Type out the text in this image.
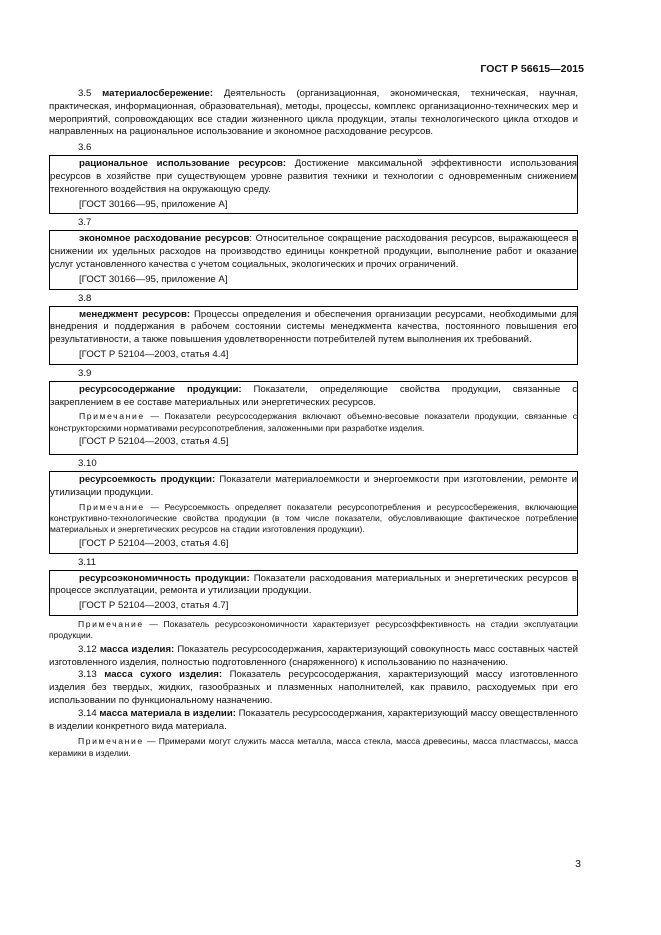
ГОСТ Р 56615—2015

3.5 материалосбережение: Деятельность (организационная, экономическая, техническая, научная, практическая, информационная, образовательная), методы, процессы, комплекс организационно-технических мер и мероприятий, сопровождающих все стадии жизненного цикла продукции, этапы технологического цикла отходов и направленных на рациональное использование и экономное расходование ресурсов.

3.6

рациональное использование ресурсов: Достижение максимальной эффективности использования ресурсов в хозяйстве при существующем уровне развития техники и технологии с одновременным снижением техногенного воздействия на окружающую среду.

[ГОСТ 30166—95, приложение А]

3.7

экономное расходование ресурсов: Относительное сокращение расходования ресурсов, выражающееся в снижении их удельных расходов на производство единицы конкретной продукции, выполнение работ и оказание услуг установленного качества с учетом социальных, экологических и прочих ограничений.

[ГОСТ 30166—95, приложение А]

3.8

менеджмент ресурсов: Процессы определения и обеспечения организации ресурсами, необходимыми для внедрения и поддержания в рабочем состоянии системы менеджмента качества, постоянного повышения его результативности, а также повышения удовлетворенности потребителей путем выполнения их требований.

[ГОСТ Р 52104—2003, статья 4.4]

3.9

ресурсосодержание продукции: Показатели, определяющие свойства продукции, связанные с закреплением в ее составе материальных или энергетических ресурсов.

Примечание — Показатели ресурсосодержания включают объемно-весовые показатели продукции, связанные с конструкторскими нормативами ресурсопотребления, заложенными при разработке изделия.

[ГОСТ Р 52104—2003, статья 4.5]

3.10

ресурсоемкость продукции: Показатели материалоемкости и энергоемкости при изготовлении, ремонте и утилизации продукции.

Примечание — Ресурсоемкость определяет показатели ресурсопотребления и ресурсосбережения, включающие конструктивно-технологические свойства продукции (в том числе показатели, обусловливающие фактическое потребление материальных и энергетических ресурсов на стадии изготовления продукции).

[ГОСТ Р 52104—2003, статья 4.6]

3.11

ресурсоэкономичность продукции: Показатели расходования материальных и энергетических ресурсов в процессе эксплуатации, ремонта и утилизации продукции.

[ГОСТ Р 52104—2003, статья 4.7]

Примечание — Показатель ресурсоэкономичности характеризует ресурсоэффективность на стадии эксплуатации продукции.

3.12 масса изделия: Показатель ресурсосодержания, характеризующий совокупность масс составных частей изготовленного изделия, полностью подготовленного (снаряженного) к использованию по назначению.

3.13 масса сухого изделия: Показатель ресурсосодержания, характеризующий массу изготовленного изделия без твердых, жидких, газообразных и плазменных наполнителей, как правило, расходуемых при его использовании по функциональному назначению.

3.14 масса материала в изделии: Показатель ресурсосодержания, характеризующий массу овеществленного в изделии конкретного вида материала.

Примечание — Примерами могут служить масса металла, масса стекла, масса древесины, масса пластмассы, масса керамики в изделии.

3
